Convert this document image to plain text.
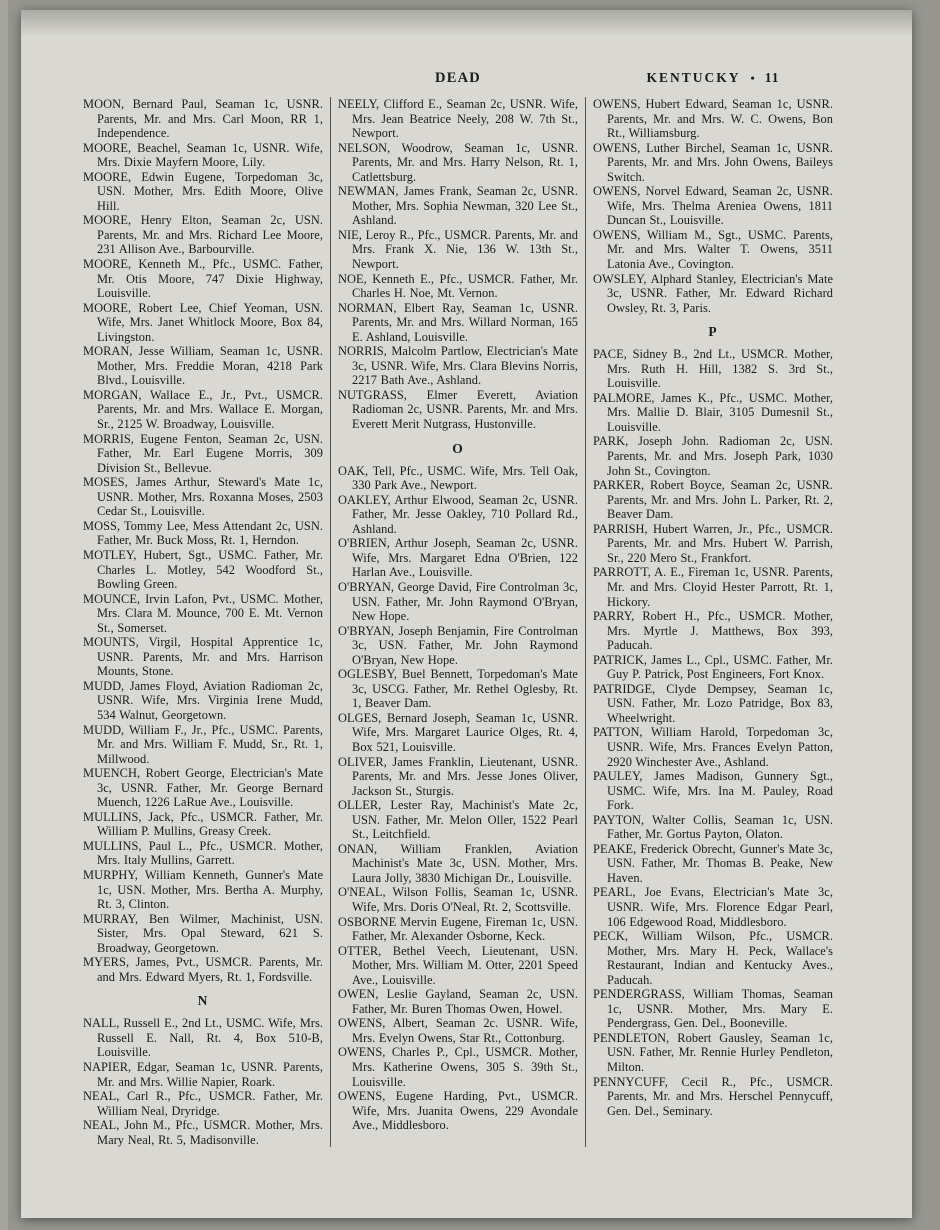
DEAD	KENTUCKY • 11

MOON, Bernard Paul, Seaman 1c, USNR. Parents, Mr. and Mrs. Carl Moon, RR 1, Independence.

MOORE, Beachel, Seaman 1c, USNR. Wife, Mrs. Dixie Mayfern Moore, Lily.

MOORE, Edwin Eugene, Torpedoman 3c, USN. Mother, Mrs. Edith Moore, Olive Hill.

MOORE, Henry Elton, Seaman 2c, USN. Parents, Mr. and Mrs. Richard Lee Moore, 231 Allison Ave., Barbourville.

MOORE, Kenneth M., Pfc., USMC. Father, Mr. Otis Moore, 747 Dixie Highway, Louisville.

MOORE, Robert Lee, Chief Yeoman, USN. Wife, Mrs. Janet Whitlock Moore, Box 84, Livingston.

MORAN, Jesse William, Seaman 1c, USNR. Mother, Mrs. Freddie Moran, 4218 Park Blvd., Louisville.

MORGAN, Wallace E., Jr., Pvt., USMCR. Parents, Mr. and Mrs. Wallace E. Morgan, Sr., 2125 W. Broadway, Louisville.

MORRIS, Eugene Fenton, Seaman 2c, USN. Father, Mr. Earl Eugene Morris, 309 Division St., Bellevue.

MOSES, James Arthur, Steward's Mate 1c, USNR. Mother, Mrs. Roxanna Moses, 2503 Cedar St., Louisville.

MOSS, Tommy Lee, Mess Attendant 2c, USN. Father, Mr. Buck Moss, Rt. 1, Herndon.

MOTLEY, Hubert, Sgt., USMC. Father, Mr. Charles L. Motley, 542 Woodford St., Bowling Green.

MOUNCE, Irvin Lafon, Pvt., USMC. Mother, Mrs. Clara M. Mounce, 700 E. Mt. Vernon St., Somerset.

MOUNTS, Virgil, Hospital Apprentice 1c, USNR. Parents, Mr. and Mrs. Harrison Mounts, Stone.

MUDD, James Floyd, Aviation Radioman 2c, USNR. Wife, Mrs. Virginia Irene Mudd, 534 Walnut, Georgetown.

MUDD, William F., Jr., Pfc., USMC. Parents, Mr. and Mrs. William F. Mudd, Sr., Rt. 1, Millwood.

MUENCH, Robert George, Electrician's Mate 3c, USNR. Father, Mr. George Bernard Muench, 1226 LaRue Ave., Louisville.

MULLINS, Jack, Pfc., USMCR. Father, Mr. William P. Mullins, Greasy Creek.

MULLINS, Paul L., Pfc., USMCR. Mother, Mrs. Italy Mullins, Garrett.

MURPHY, William Kenneth, Gunner's Mate 1c, USN. Mother, Mrs. Bertha A. Murphy, Rt. 3, Clinton.

MURRAY, Ben Wilmer, Machinist, USN. Sister, Mrs. Opal Steward, 621 S. Broadway, Georgetown.

MYERS, James, Pvt., USMCR. Parents, Mr. and Mrs. Edward Myers, Rt. 1, Fordsville.

N

NALL, Russell E., 2nd Lt., USMC. Wife, Mrs. Russell E. Nall, Rt. 4, Box 510-B, Louisville.

NAPIER, Edgar, Seaman 1c, USNR. Parents, Mr. and Mrs. Willie Napier, Roark.

NEAL, Carl R., Pfc., USMCR. Father, Mr. William Neal, Dryridge.

NEAL, John M., Pfc., USMCR. Mother, Mrs. Mary Neal, Rt. 5, Madisonville.

NEELY, Clifford E., Seaman 2c, USNR. Wife, Mrs. Jean Beatrice Neely, 208 W. 7th St., Newport.

NELSON, Woodrow, Seaman 1c, USNR. Parents, Mr. and Mrs. Harry Nelson, Rt. 1, Catlettsburg.

NEWMAN, James Frank, Seaman 2c, USNR. Mother, Mrs. Sophia Newman, 320 Lee St., Ashland.

NIE, Leroy R., Pfc., USMCR. Parents, Mr. and Mrs. Frank X. Nie, 136 W. 13th St., Newport.

NOE, Kenneth E., Pfc., USMCR. Father, Mr. Charles H. Noe, Mt. Vernon.

NORMAN, Elbert Ray, Seaman 1c, USNR. Parents, Mr. and Mrs. Willard Norman, 165 E. Ashland, Louisville.

NORRIS, Malcolm Partlow, Electrician's Mate 3c, USNR. Wife, Mrs. Clara Blevins Norris, 2217 Bath Ave., Ashland.

NUTGRASS, Elmer Everett, Aviation Radioman 2c, USNR. Parents, Mr. and Mrs. Everett Merit Nutgrass, Hustonville.

O

OAK, Tell, Pfc., USMC. Wife, Mrs. Tell Oak, 330 Park Ave., Newport.

OAKLEY, Arthur Elwood, Seaman 2c, USNR. Father, Mr. Jesse Oakley, 710 Pollard Rd., Ashland.

O'BRIEN, Arthur Joseph, Seaman 2c, USNR. Wife, Mrs. Margaret Edna O'Brien, 122 Harlan Ave., Louisville.

O'BRYAN, George David, Fire Controlman 3c, USN. Father, Mr. John Raymond O'Bryan, New Hope.

O'BRYAN, Joseph Benjamin, Fire Controlman 3c, USN. Father, Mr. John Raymond O'Bryan, New Hope.

OGLESBY, Buel Bennett, Torpedoman's Mate 3c, USCG. Father, Mr. Rethel Oglesby, Rt. 1, Beaver Dam.

OLGES, Bernard Joseph, Seaman 1c, USNR. Wife, Mrs. Margaret Laurice Olges, Rt. 4, Box 521, Louisville.

OLIVER, James Franklin, Lieutenant, USNR. Parents, Mr. and Mrs. Jesse Jones Oliver, Jackson St., Sturgis.

OLLER, Lester Ray, Machinist's Mate 2c, USN. Father, Mr. Melon Oller, 1522 Pearl St., Leitchfield.

ONAN, William Franklen, Aviation Machinist's Mate 3c, USN. Mother, Mrs. Laura Jolly, 3830 Michigan Dr., Louisville.

O'NEAL, Wilson Follis, Seaman 1c, USNR. Wife, Mrs. Doris O'Neal, Rt. 2, Scottsville.

OSBORNE Mervin Eugene, Fireman 1c, USN. Father, Mr. Alexander Osborne, Keck.

OTTER, Bethel Veech, Lieutenant, USN. Mother, Mrs. William M. Otter, 2201 Speed Ave., Louisville.

OWEN, Leslie Gayland, Seaman 2c, USN. Father, Mr. Buren Thomas Owen, Howel.

OWENS, Albert, Seaman 2c. USNR. Wife, Mrs. Evelyn Owens, Star Rt., Cottonburg.

OWENS, Charles P., Cpl., USMCR. Mother, Mrs. Katherine Owens, 305 S. 39th St., Louisville.

OWENS, Eugene Harding, Pvt., USMCR. Wife, Mrs. Juanita Owens, 229 Avondale Ave., Middlesboro.

OWENS, Hubert Edward, Seaman 1c, USNR. Parents, Mr. and Mrs. W. C. Owens, Bon Rt., Williamsburg.

OWENS, Luther Birchel, Seaman 1c, USNR. Parents, Mr. and Mrs. John Owens, Baileys Switch.

OWENS, Norvel Edward, Seaman 2c, USNR. Wife, Mrs. Thelma Areniea Owens, 1811 Duncan St., Louisville.

OWENS, William M., Sgt., USMC. Parents, Mr. and Mrs. Walter T. Owens, 3511 Latonia Ave., Covington.

OWSLEY, Alphard Stanley, Electrician's Mate 3c, USNR. Father, Mr. Edward Richard Owsley, Rt. 3, Paris.

P

PACE, Sidney B., 2nd Lt., USMCR. Mother, Mrs. Ruth H. Hill, 1382 S. 3rd St., Louisville.

PALMORE, James K., Pfc., USMC. Mother, Mrs. Mallie D. Blair, 3105 Dumesnil St., Louisville.

PARK, Joseph John. Radioman 2c, USN. Parents, Mr. and Mrs. Joseph Park, 1030 John St., Covington.

PARKER, Robert Boyce, Seaman 2c, USNR. Parents, Mr. and Mrs. John L. Parker, Rt. 2, Beaver Dam.

PARRISH, Hubert Warren, Jr., Pfc., USMCR. Parents, Mr. and Mrs. Hubert W. Parrish, Sr., 220 Mero St., Frankfort.

PARROTT, A. E., Fireman 1c, USNR. Parents, Mr. and Mrs. Cloyid Hester Parrott, Rt. 1, Hickory.

PARRY, Robert H., Pfc., USMCR. Mother, Mrs. Myrtle J. Matthews, Box 393, Paducah.

PATRICK, James L., Cpl., USMC. Father, Mr. Guy P. Patrick, Post Engineers, Fort Knox.

PATRIDGE, Clyde Dempsey, Seaman 1c, USN. Father, Mr. Lozo Patridge, Box 83, Wheelwright.

PATTON, William Harold, Torpedoman 3c, USNR. Wife, Mrs. Frances Evelyn Patton, 2920 Winchester Ave., Ashland.

PAULEY, James Madison, Gunnery Sgt., USMC. Wife, Mrs. Ina M. Pauley, Road Fork.

PAYTON, Walter Collis, Seaman 1c, USN. Father, Mr. Gortus Payton, Olaton.

PEAKE, Frederick Obrecht, Gunner's Mate 3c, USN. Father, Mr. Thomas B. Peake, New Haven.

PEARL, Joe Evans, Electrician's Mate 3c, USNR. Wife, Mrs. Florence Edgar Pearl, 106 Edgewood Road, Middlesboro.

PECK, William Wilson, Pfc., USMCR. Mother, Mrs. Mary H. Peck, Wallace's Restaurant, Indian and Kentucky Aves., Paducah.

PENDERGRASS, William Thomas, Seaman 1c, USNR. Mother, Mrs. Mary E. Pendergrass, Gen. Del., Booneville.

PENDLETON, Robert Gausley, Seaman 1c, USN. Father, Mr. Rennie Hurley Pendleton, Milton.

PENNYCUFF, Cecil R., Pfc., USMCR. Parents, Mr. and Mrs. Herschel Pennycuff, Gen. Del., Seminary.
